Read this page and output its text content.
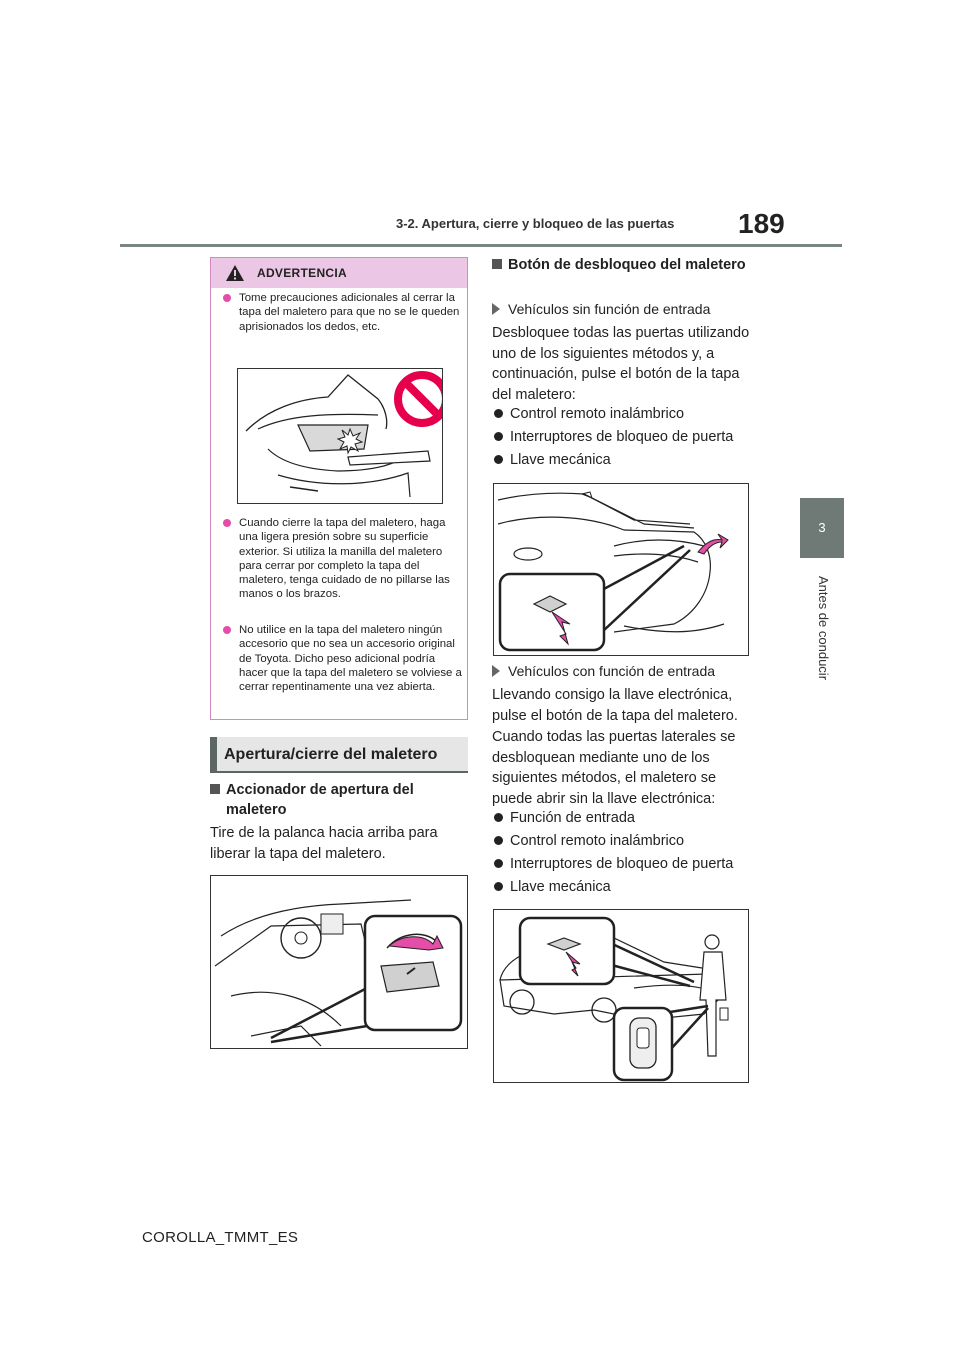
3-2. Apertura, cierre y bloqueo de las puertas 189
3
Antes de conducir
ADVERTENCIA
Tome precauciones adicionales al cerrar la tapa del maletero para que no se le queden aprisionados los dedos, etc.
Cuando cierre la tapa del maletero, haga una ligera presión sobre su superficie exterior. Si utiliza la manilla del maletero para cerrar por completo la tapa del maletero, tenga cuidado de no pillarse las manos o los brazos.
No utilice en la tapa del maletero ningún accesorio que no sea un accesorio original de Toyota. Dicho peso adicional podría hacer que la tapa del maletero se volviese a cerrar repentinamente una vez abierta.
Apertura/cierre del maletero
Accionador de apertura del maletero
Tire de la palanca hacia arriba para liberar la tapa del maletero.
Botón de desbloqueo del maletero
Vehículos sin función de entrada
Desbloquee todas las puertas utilizando uno de los siguientes métodos y, a continuación, pulse el botón de la tapa del maletero:
Control remoto inalámbrico
Interruptores de bloqueo de puerta
Llave mecánica
Vehículos con función de entrada
Llevando consigo la llave electrónica, pulse el botón de la tapa del maletero.
Cuando todas las puertas laterales se desbloquean mediante uno de los siguientes métodos, el maletero se puede abrir sin la llave electrónica:
Función de entrada
Control remoto inalámbrico
Interruptores de bloqueo de puerta
Llave mecánica
COROLLA_TMMT_ES
